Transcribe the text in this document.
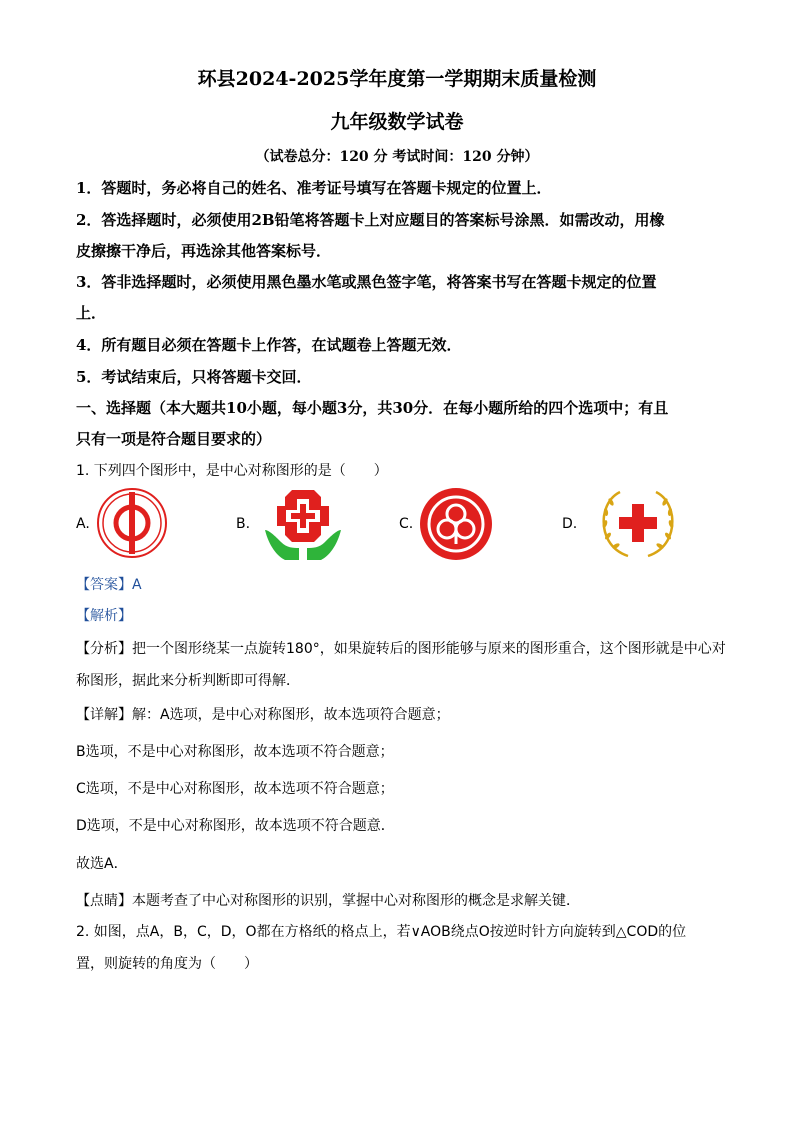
环县2024-2025学年度第一学期期末质量检测
九年级数学试卷
（试卷总分：120 分 考试时间：120 分钟）
1．答题时，务必将自己的姓名、准考证号填写在答题卡规定的位置上．
2．答选择题时，必须使用2B铅笔将答题卡上对应题目的答案标号涂黑．如需改动，用橡
皮擦擦干净后，再选涂其他答案标号．
3．答非选择题时，必须使用黑色墨水笔或黑色签字笔，将答案书写在答题卡规定的位置
上．
4．所有题目必须在答题卡上作答，在试题卷上答题无效．
5．考试结束后，只将答题卡交回．
一、选择题（本大题共10小题，每小题3分，共30分．在每小题所给的四个选项中；有且
只有一项是符合题目要求的）
1. 下列四个图形中，是中心对称图形的是（　　）
A.	B.	C.	D.
【答案】A
【解析】
【分析】把一个图形绕某一点旋转180°，如果旋转后的图形能够与原来的图形重合，这个图形就是中心对
称图形，据此来分析判断即可得解．
【详解】解：A选项，是中心对称图形，故本选项符合题意；
B选项，不是中心对称图形，故本选项不符合题意；
C选项，不是中心对称图形，故本选项不符合题意；
D选项，不是中心对称图形，故本选项不符合题意．
故选A．
【点睛】本题考查了中心对称图形的识别，掌握中心对称图形的概念是求解关键．
2. 如图，点A，B，C，D，O都在方格纸的格点上，若∨AOB绕点O按逆时针方向旋转到△COD的位
置，则旋转的角度为（　　）
